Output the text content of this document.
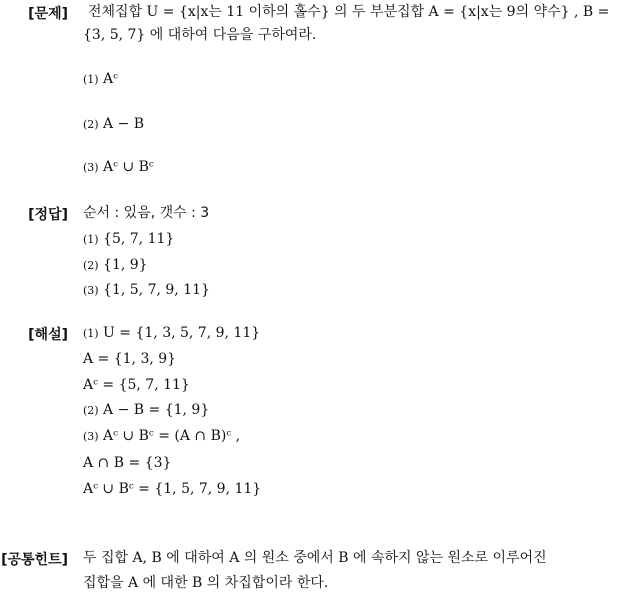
[문제] 전체집합 U = {x|x는 11 이하의 홀수} 의 두 부분집합 A = {x|x는 9의 약수} , B =
{3, 5, 7} 에 대하여 다음을 구하여라.
(1) Aᶜ
(2) A − B
(3) Aᶜ ∪ Bᶜ
[정답] 순서 : 있음, 갯수 : 3
(1) {5, 7, 11}
(2) {1, 9}
(3) {1, 5, 7, 9, 11}
[해설] (1) U = {1, 3, 5, 7, 9, 11}
A = {1, 3, 9}
Aᶜ = {5, 7, 11}
(2) A − B = {1, 9}
(3) Aᶜ ∪ Bᶜ = (A ∩ B)ᶜ ,
A ∩ B = {3}
Aᶜ ∪ Bᶜ = {1, 5, 7, 9, 11}
[공통힌트] 두 집합 A, B 에 대하여 A 의 원소 중에서 B 에 속하지 않는 원소로 이루어진
집합을 A 에 대한 B 의 차집합이라 한다.
